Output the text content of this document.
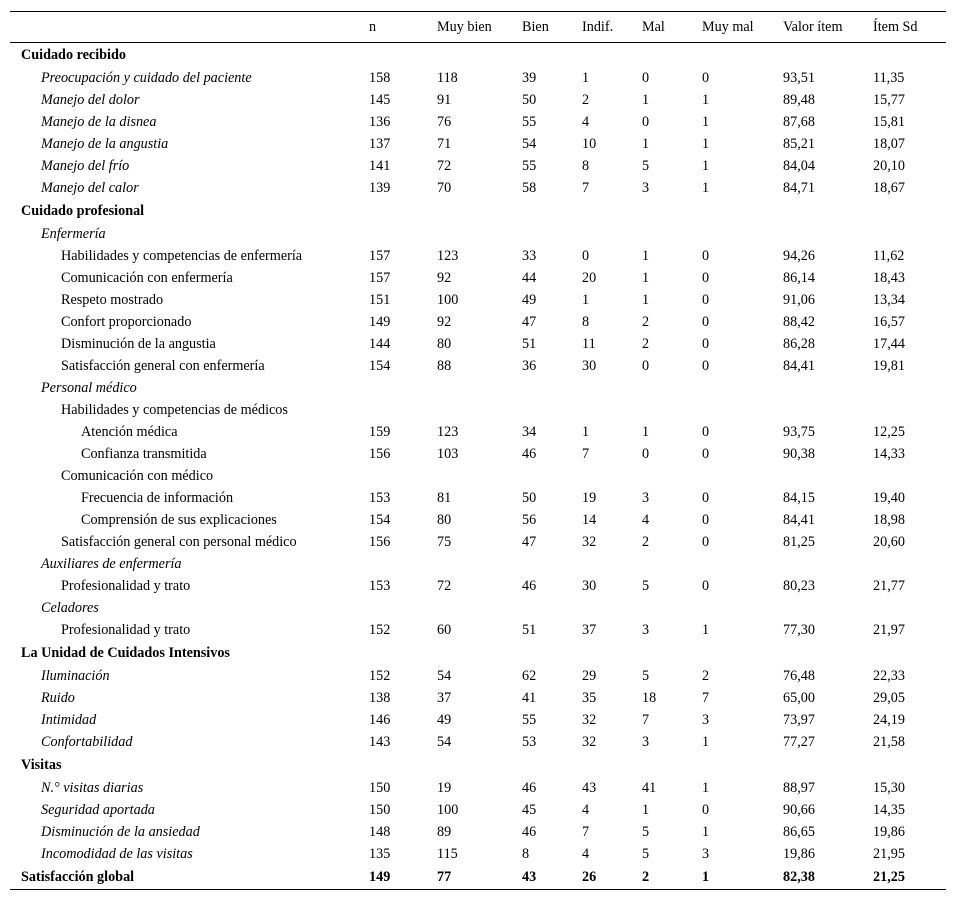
	n	Muy bien	Bien	Indif.	Mal	Muy mal	Valor ítem	Ítem Sd
Cuidado recibido								
Preocupación y cuidado del paciente	158	118	39	1	0	0	93,51	11,35
Manejo del dolor	145	91	50	2	1	1	89,48	15,77
Manejo de la disnea	136	76	55	4	0	1	87,68	15,81
Manejo de la angustia	137	71	54	10	1	1	85,21	18,07
Manejo del frío	141	72	55	8	5	1	84,04	20,10
Manejo del calor	139	70	58	7	3	1	84,71	18,67
Cuidado profesional								
Enfermería								
Habilidades y competencias de enfermería	157	123	33	0	1	0	94,26	11,62
Comunicación con enfermería	157	92	44	20	1	0	86,14	18,43
Respeto mostrado	151	100	49	1	1	0	91,06	13,34
Confort proporcionado	149	92	47	8	2	0	88,42	16,57
Disminución de la angustia	144	80	51	11	2	0	86,28	17,44
Satisfacción general con enfermería	154	88	36	30	0	0	84,41	19,81
Personal médico								
Habilidades y competencias de médicos								
Atención médica	159	123	34	1	1	0	93,75	12,25
Confianza transmitida	156	103	46	7	0	0	90,38	14,33
Comunicación con médico								
Frecuencia de información	153	81	50	19	3	0	84,15	19,40
Comprensión de sus explicaciones	154	80	56	14	4	0	84,41	18,98
Satisfacción general con personal médico	156	75	47	32	2	0	81,25	20,60
Auxiliares de enfermería								
Profesionalidad y trato	153	72	46	30	5	0	80,23	21,77
Celadores								
Profesionalidad y trato	152	60	51	37	3	1	77,30	21,97
La Unidad de Cuidados Intensivos								
Iluminación	152	54	62	29	5	2	76,48	22,33
Ruido	138	37	41	35	18	7	65,00	29,05
Intimidad	146	49	55	32	7	3	73,97	24,19
Confortabilidad	143	54	53	32	3	1	77,27	21,58
Visitas								
N.° visitas diarias	150	19	46	43	41	1	88,97	15,30
Seguridad aportada	150	100	45	4	1	0	90,66	14,35
Disminución de la ansiedad	148	89	46	7	5	1	86,65	19,86
Incomodidad de las visitas	135	115	8	4	5	3	19,86	21,95
Satisfacción global	149	77	43	26	2	1	82,38	21,25
